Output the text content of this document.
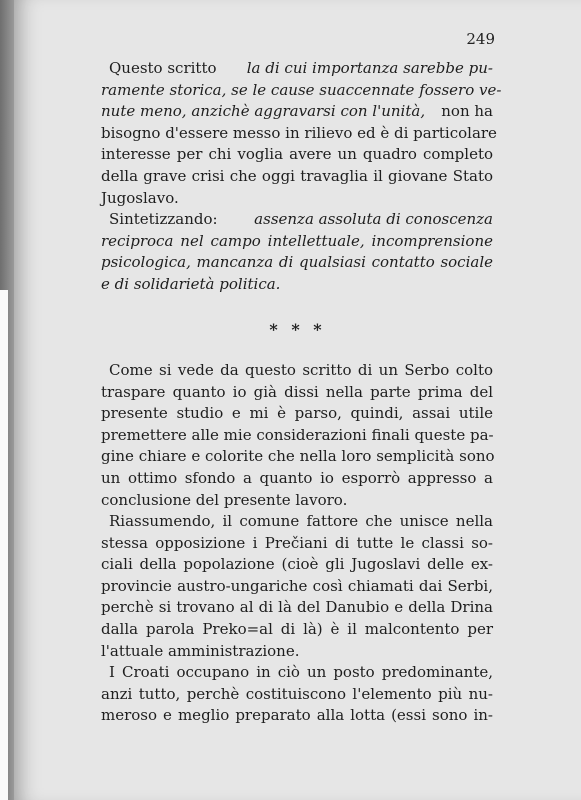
249
Questo scritto la di cui importanza sarebbe pu-
ramente storica, se le cause suaccennate fossero ve-
nute meno, anzichè aggravarsi con l'unità, non ha
bisogno d'essere messo in rilievo ed è di particolare
interesse per chi voglia avere un quadro completo
della grave crisi che oggi travaglia il giovane Stato
Jugoslavo.
Sintetizzando: assenza assoluta di conoscenza
reciproca nel campo intellettuale, incomprensione
psicologica, mancanza di qualsiasi contatto sociale
e di solidarietà politica.
* * *
Come si vede da questo scritto di un Serbo colto
traspare quanto io già dissi nella parte prima del
presente studio e mi è parso, quindi, assai utile
premettere alle mie considerazioni finali queste pa-
gine chiare e colorite che nella loro semplicità sono
un ottimo sfondo a quanto io esporrò appresso a
conclusione del presente lavoro.
Riassumendo, il comune fattore che unisce nella
stessa opposizione i Prečiani di tutte le classi so-
ciali della popolazione (cioè gli Jugoslavi delle ex-
provincie austro-ungariche così chiamati dai Serbi,
perchè si trovano al di là del Danubio e della Drina
dalla parola Preko=al di là) è il malcontento per
l'attuale amministrazione.
I Croati occupano in ciò un posto predominante,
anzi tutto, perchè costituiscono l'elemento più nu-
meroso e meglio preparato alla lotta (essi sono in-
